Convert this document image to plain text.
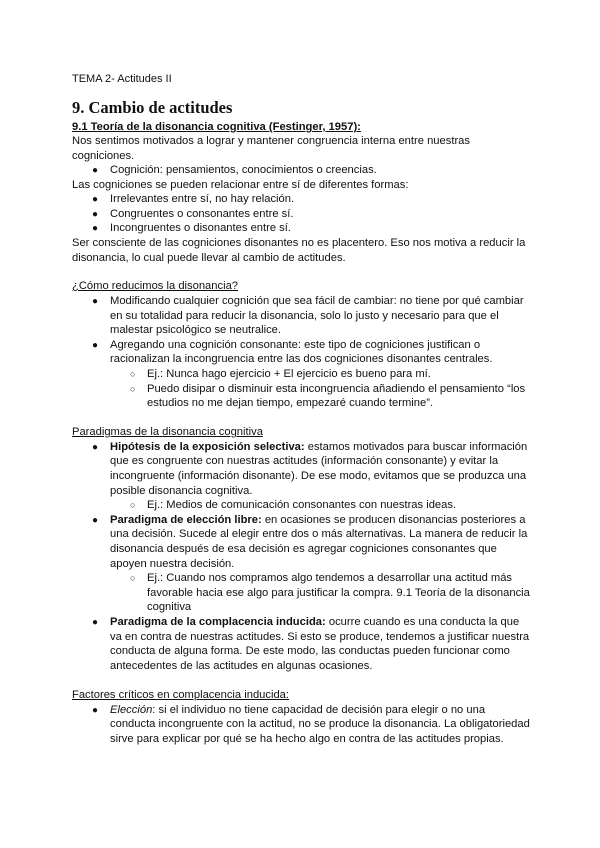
TEMA 2- Actitudes II
9. Cambio de actitudes
9.1 Teoría de la disonancia cognitiva (Festinger, 1957):
Nos sentimos motivados a lograr y mantener congruencia interna entre nuestras
cogniciones.
● Cognición: pensamientos, conocimientos o creencias.
Las cogniciones se pueden relacionar entre sí de diferentes formas:
● Irrelevantes entre sí, no hay relación.
● Congruentes o consonantes entre sí.
● Incongruentes o disonantes entre sí.
Ser consciente de las cogniciones disonantes no es placentero. Eso nos motiva a reducir la
disonancia, lo cual puede llevar al cambio de actitudes.
¿Cómo reducimos la disonancia?
● Modificando cualquier cognición que sea fácil de cambiar: no tiene por qué cambiar
en su totalidad para reducir la disonancia, solo lo justo y necesario para que el
malestar psicológico se neutralice.
● Agregando una cognición consonante: este tipo de cogniciones justifican o
racionalizan la incongruencia entre las dos cogniciones disonantes centrales.
○ Ej.: Nunca hago ejercicio + El ejercicio es bueno para mí.
○ Puedo disipar o disminuir esta incongruencia añadiendo el pensamiento “los
estudios no me dejan tiempo, empezaré cuando termine”.
Paradigmas de la disonancia cognitiva
● Hipótesis de la exposición selectiva: estamos motivados para buscar información
que es congruente con nuestras actitudes (información consonante) y evitar la
incongruente (información disonante). De ese modo, evitamos que se produzca una
posible disonancia cognitiva.
○ Ej.: Medios de comunicación consonantes con nuestras ideas.
● Paradigma de elección libre: en ocasiones se producen disonancias posteriores a
una decisión. Sucede al elegir entre dos o más alternativas. La manera de reducir la
disonancia después de esa decisión es agregar cogniciones consonantes que
apoyen nuestra decisión.
○ Ej.: Cuando nos compramos algo tendemos a desarrollar una actitud más
favorable hacia ese algo para justificar la compra. 9.1 Teoría de la disonancia
cognitiva
● Paradigma de la complacencia inducida: ocurre cuando es una conducta la que
va en contra de nuestras actitudes. Si esto se produce, tendemos a justificar nuestra
conducta de alguna forma. De este modo, las conductas pueden funcionar como
antecedentes de las actitudes en algunas ocasiones.
Factores críticos en complacencia inducida:
● Elección: si el individuo no tiene capacidad de decisión para elegir o no una
conducta incongruente con la actitud, no se produce la disonancia. La obligatoriedad
sirve para explicar por qué se ha hecho algo en contra de las actitudes propias.
